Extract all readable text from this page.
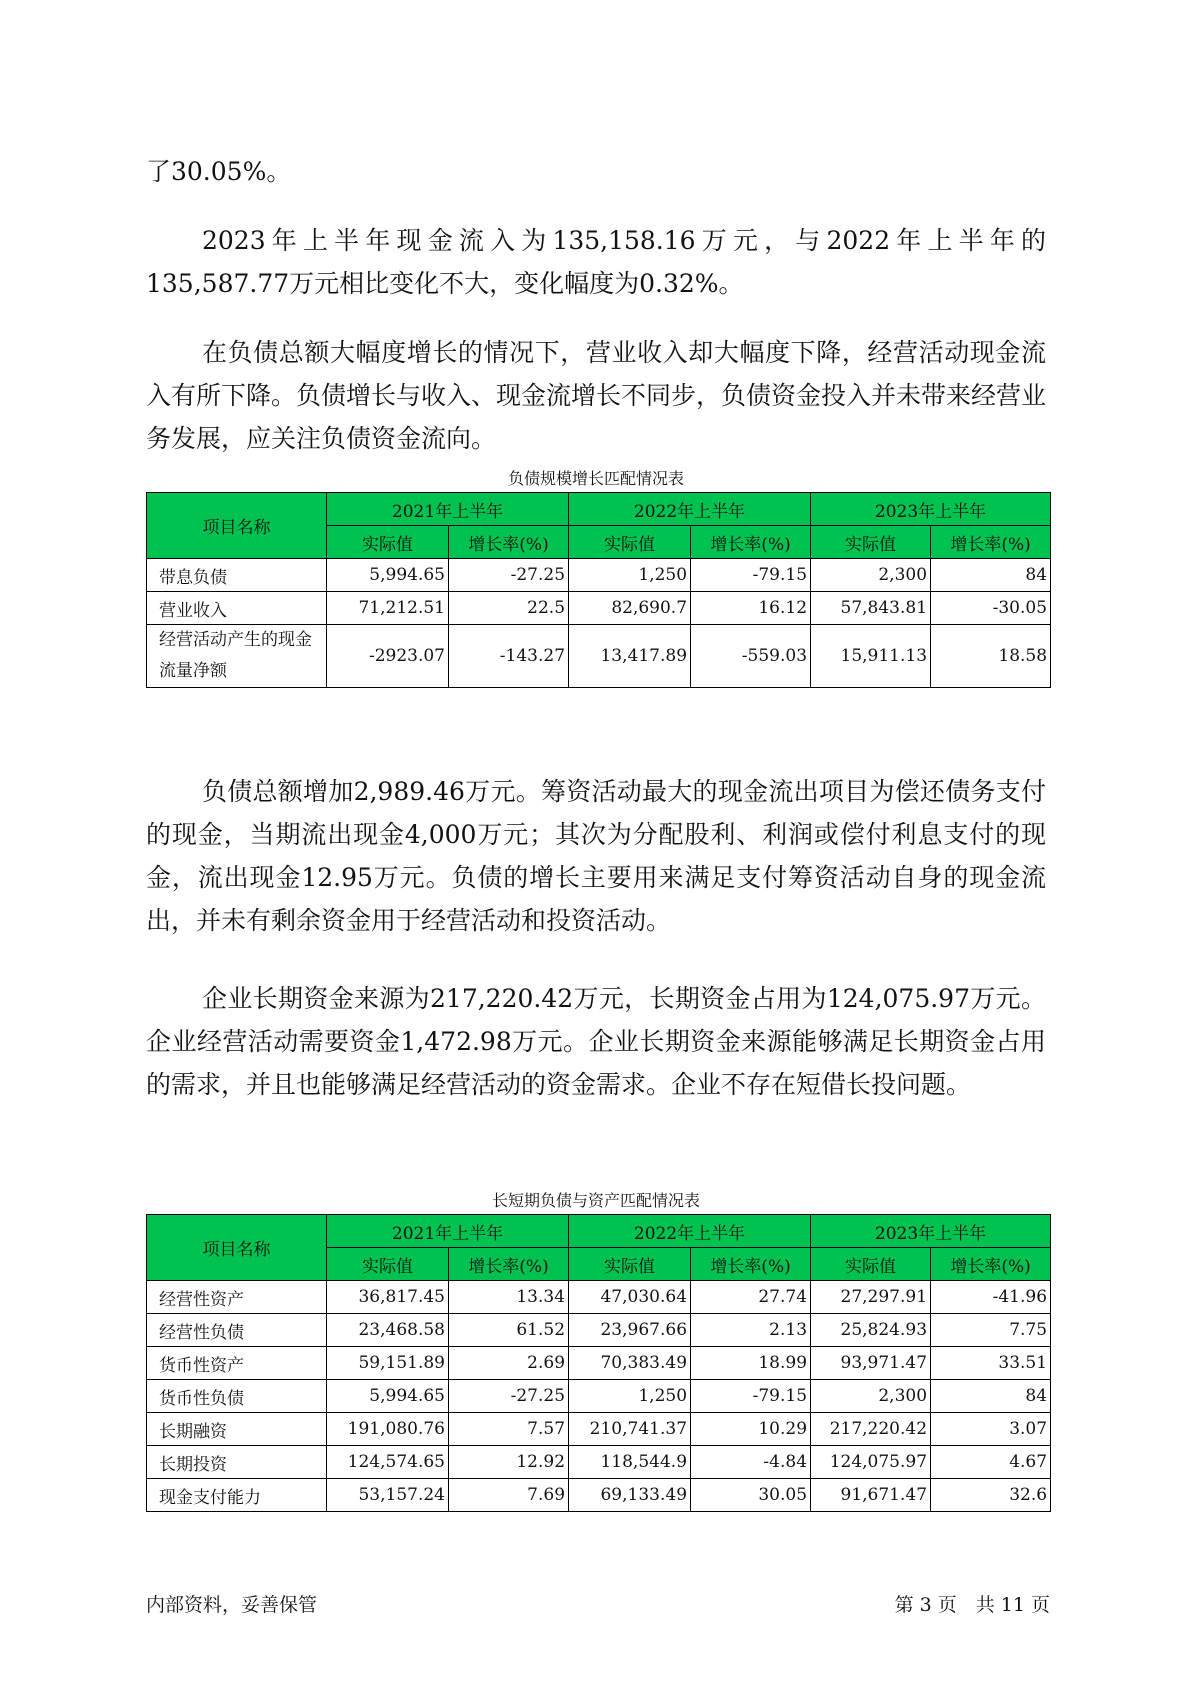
了30.05%。

2023年上半年现金流入为135,158.16万元，与2022年上半年的135,587.77万元相比变化不大，变化幅度为0.32%。

在负债总额大幅度增长的情况下，营业收入却大幅度下降，经营活动现金流入有所下降。负债增长与收入、现金流增长不同步，负债资金投入并未带来经营业务发展，应关注负债资金流向。

负债规模增长匹配情况表

项目名称	2021年上半年		2022年上半年		2023年上半年	
	实际值	增长率(%)	实际值	增长率(%)	实际值	增长率(%)
带息负债	5,994.65	-27.25	1,250	-79.15	2,300	84
营业收入	71,212.51	22.5	82,690.7	16.12	57,843.81	-30.05
经营活动产生的现金流量净额	-2923.07	-143.27	13,417.89	-559.03	15,911.13	18.58

负债总额增加2,989.46万元。筹资活动最大的现金流出项目为偿还债务支付的现金，当期流出现金4,000万元；其次为分配股利、利润或偿付利息支付的现金，流出现金12.95万元。负债的增长主要用来满足支付筹资活动自身的现金流出，并未有剩余资金用于经营活动和投资活动。

企业长期资金来源为217,220.42万元，长期资金占用为124,075.97万元。企业经营活动需要资金1,472.98万元。企业长期资金来源能够满足长期资金占用的需求，并且也能够满足经营活动的资金需求。企业不存在短借长投问题。

长短期负债与资产匹配情况表

项目名称	2021年上半年		2022年上半年		2023年上半年	
	实际值	增长率(%)	实际值	增长率(%)	实际值	增长率(%)
经营性资产	36,817.45	13.34	47,030.64	27.74	27,297.91	-41.96
经营性负债	23,468.58	61.52	23,967.66	2.13	25,824.93	7.75
货币性资产	59,151.89	2.69	70,383.49	18.99	93,971.47	33.51
货币性负债	5,994.65	-27.25	1,250	-79.15	2,300	84
长期融资	191,080.76	7.57	210,741.37	10.29	217,220.42	3.07
长期投资	124,574.65	12.92	118,544.9	-4.84	124,075.97	4.67
现金支付能力	53,157.24	7.69	69,133.49	30.05	91,671.47	32.6
内部资料，妥善保管	第 3 页　共 11 页
